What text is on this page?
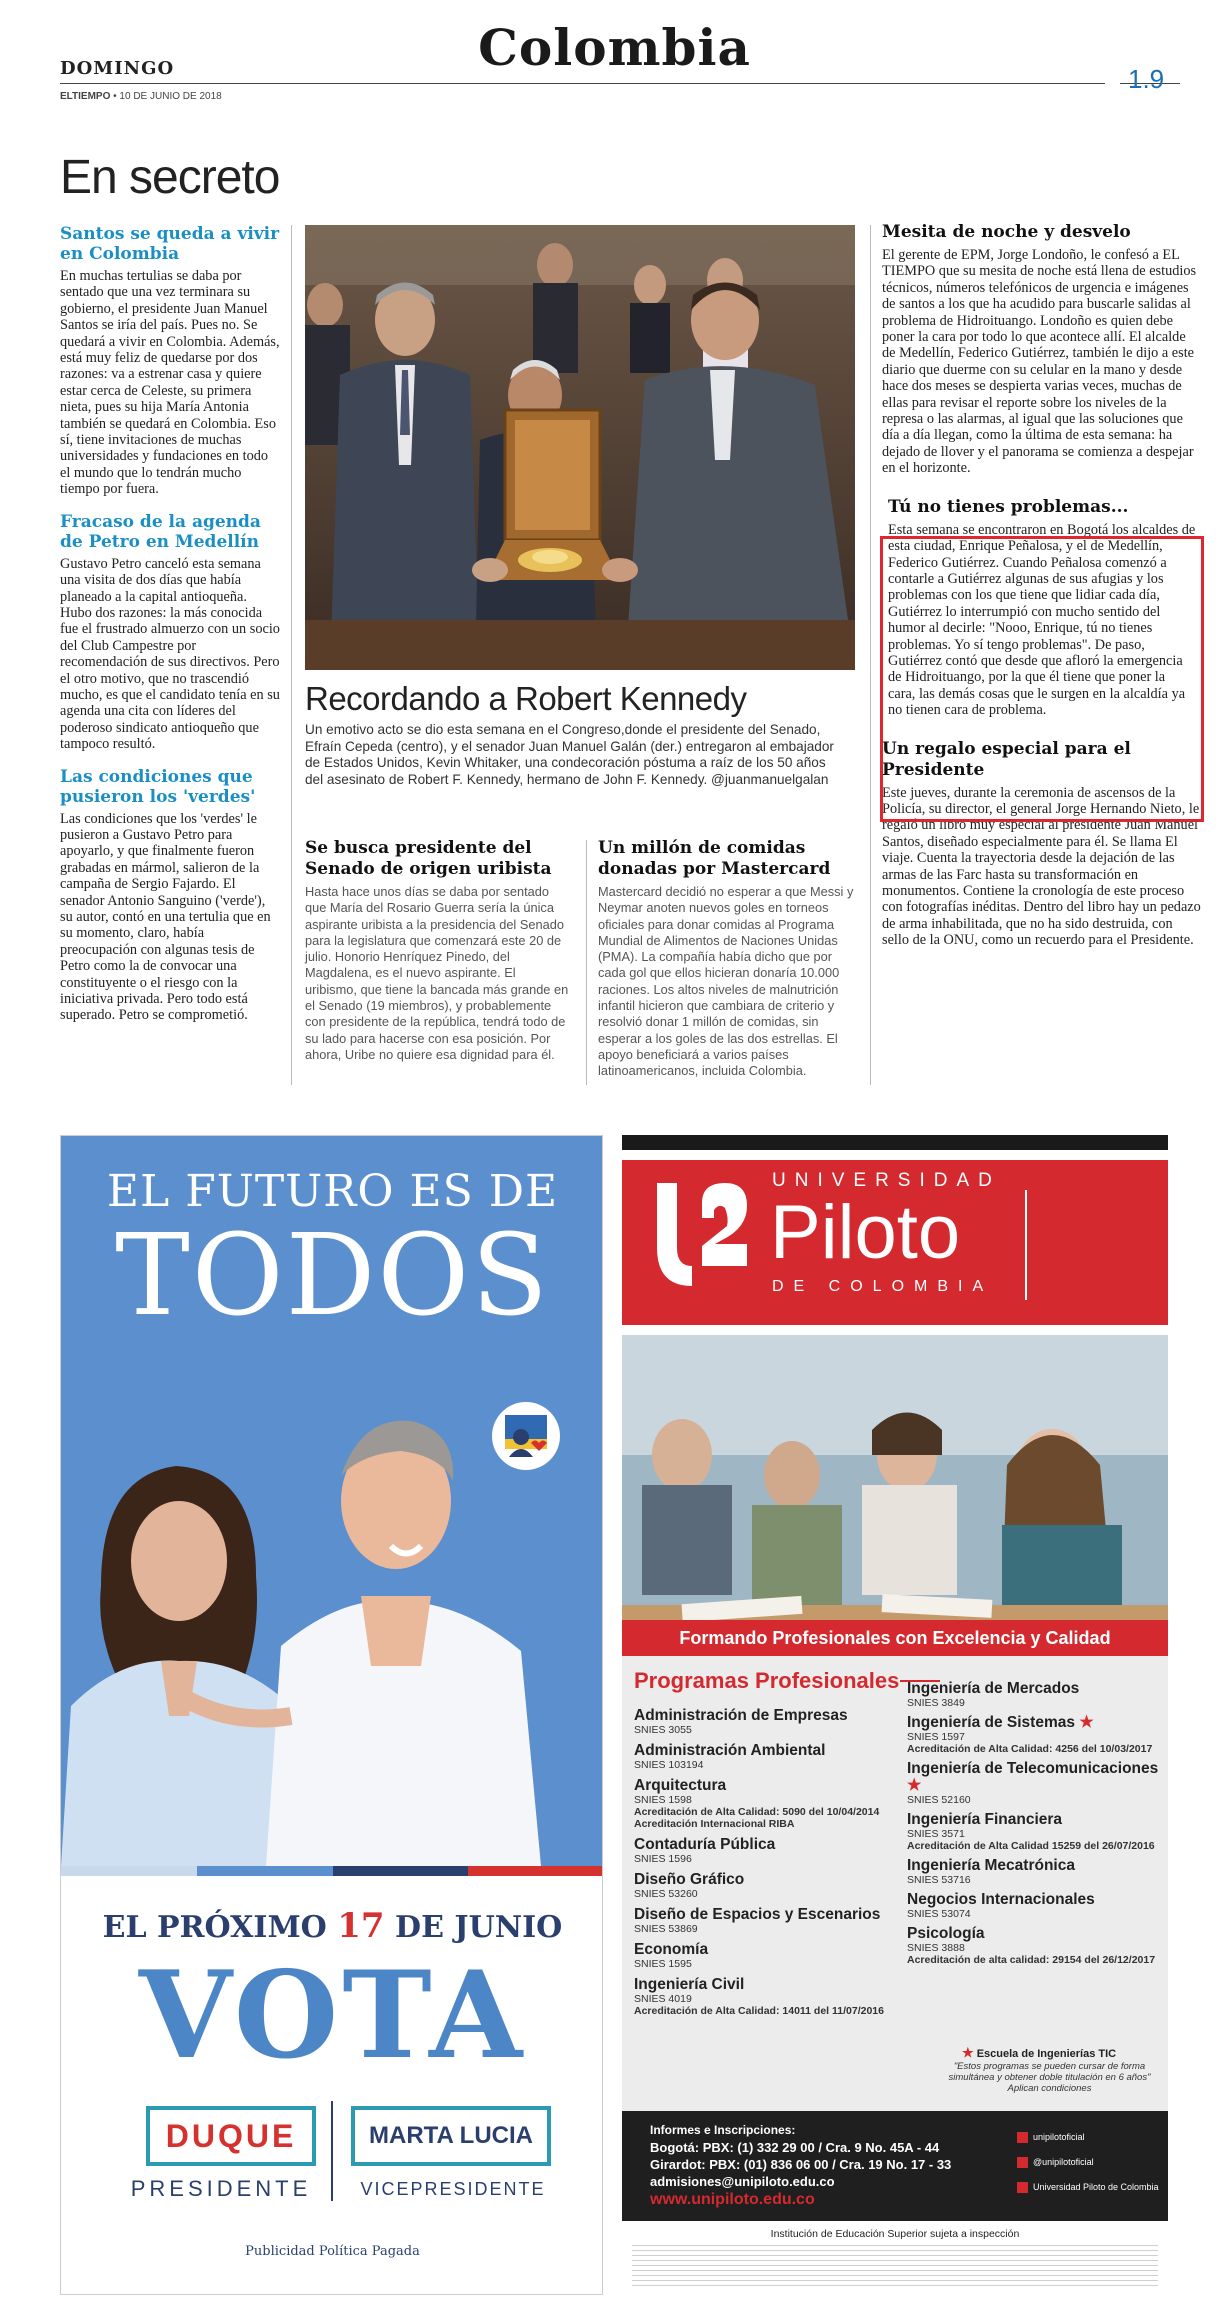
Colombia
DOMINGO
ELTIEMPO • 10 DE JUNIO DE 2018
1.9
En secreto
Santos se queda a vivir en Colombia

En muchas tertulias se daba por sentado que una vez terminara su gobierno, el presidente Juan Manuel Santos se iría del país. Pues no. Se quedará a vivir en Colombia. Además, está muy feliz de quedarse por dos razones: va a estrenar casa y quiere estar cerca de Celeste, su primera nieta, pues su hija María Antonia también se quedará en Colombia. Eso sí, tiene invitaciones de muchas universidades y fundaciones en todo el mundo que lo tendrán mucho tiempo por fuera.

Fracaso de la agenda de Petro en Medellín

Gustavo Petro canceló esta semana una visita de dos días que había planeado a la capital antioqueña. Hubo dos razones: la más conocida fue el frustrado almuerzo con un socio del Club Campestre por recomendación de sus directivos. Pero el otro motivo, que no trascendió mucho, es que el candidato tenía en su agenda una cita con líderes del poderoso sindicato antioqueño que tampoco resultó.

Las condiciones que pusieron los 'verdes'

Las condiciones que los 'verdes' le pusieron a Gustavo Petro para apoyarlo, y que finalmente fueron grabadas en mármol, salieron de la campaña de Sergio Fajardo. El senador Antonio Sanguino ('verde'), su autor, contó en una tertulia que en su momento, claro, había preocupación con algunas tesis de Petro como la de convocar una constituyente o el riesgo con la iniciativa privada. Pero todo está superado. Petro se comprometió.

Recordando a Robert Kennedy
Un emotivo acto se dio esta semana en el Congreso,donde el presidente del Senado, Efraín Cepeda (centro), y el senador Juan Manuel Galán (der.) entregaron al embajador de Estados Unidos, Kevin Whitaker, una condecoración póstuma a raíz de los 50 años del asesinato de Robert F. Kennedy, hermano de John F. Kennedy. @juanmanuelgalan
Se busca presidente del Senado de origen uribista

Hasta hace unos días se daba por sentado que María del Rosario Guerra sería la única aspirante uribista a la presidencia del Senado para la legislatura que comenzará este 20 de julio. Honorio Henríquez Pinedo, del Magdalena, es el nuevo aspirante. El uribismo, que tiene la bancada más grande en el Senado (19 miembros), y probablemente con presidente de la república, tendrá todo de su lado para hacerse con esa posición. Por ahora, Uribe no quiere esa dignidad para él.

Un millón de comidas donadas por Mastercard

Mastercard decidió no esperar a que Messi y Neymar anoten nuevos goles en torneos oficiales para donar comidas al Programa Mundial de Alimentos de Naciones Unidas (PMA). La compañía había dicho que por cada gol que ellos hicieran donaría 10.000 raciones. Los altos niveles de malnutrición infantil hicieron que cambiara de criterio y resolvió donar 1 millón de comidas, sin esperar a los goles de las dos estrellas. El apoyo beneficiará a varios países latinoamericanos, incluida Colombia.

Mesita de noche y desvelo

El gerente de EPM, Jorge Londoño, le confesó a EL TIEMPO que su mesita de noche está llena de estudios técnicos, números telefónicos de urgencia e imágenes de santos a los que ha acudido para buscarle salidas al problema de Hidroituango. Londoño es quien debe poner la cara por todo lo que acontece allí. El alcalde de Medellín, Federico Gutiérrez, también le dijo a este diario que duerme con su celular en la mano y desde hace dos meses se despierta varias veces, muchas de ellas para revisar el reporte sobre los niveles de la represa o las alarmas, al igual que las soluciones que día a día llegan, como la última de esta semana: ha dejado de llover y el panorama se comienza a despejar en el horizonte.

Tú no tienes problemas...

Esta semana se encontraron en Bogotá los alcaldes de esta ciudad, Enrique Peñalosa, y el de Medellín, Federico Gutiérrez. Cuando Peñalosa comenzó a contarle a Gutiérrez algunas de sus afugias y los problemas con los que tiene que lidiar cada día, Gutiérrez lo interrumpió con mucho sentido del humor al decirle: "Nooo, Enrique, tú no tienes problemas. Yo sí tengo problemas". De paso, Gutiérrez contó que desde que afloró la emergencia de Hidroituango, por la que él tiene que poner la cara, las demás cosas que le surgen en la alcaldía ya no tienen cara de problema.

Un regalo especial para el Presidente

Este jueves, durante la ceremonia de ascensos de la Policía, su director, el general Jorge Hernando Nieto, le regaló un libro muy especial al presidente Juan Manuel Santos, diseñado especialmente para él. Se llama El viaje. Cuenta la trayectoria desde la dejación de las armas de las Farc hasta su transformación en monumentos. Contiene la cronología de este proceso con fotografías inéditas. Dentro del libro hay un pedazo de arma inhabilitada, que no ha sido destruida, con sello de la ONU, como un recuerdo para el Presidente.

EL FUTURO ES DE
TODOS
EL PRÓXIMO 17 DE JUNIO
VOTA
DUQUE	MARTA LUCIA
PRESIDENTE	VICEPRESIDENTE
Publicidad Política Pagada
UNIVERSIDAD
Piloto
DE COLOMBIA
Formando Profesionales con Excelencia y Calidad
Programas Profesionales
Administración de Empresas
SNIES 3055
Administración Ambiental
SNIES 103194
Arquitectura
SNIES 1598
Acreditación de Alta Calidad: 5090 del 10/04/2014
Acreditación Internacional RIBA
Contaduría Pública
SNIES 1596
Diseño Gráfico
SNIES 53260
Diseño de Espacios y Escenarios
SNIES 53869
Economía
SNIES 1595
Ingeniería Civil
SNIES 4019
Acreditación de Alta Calidad: 14011 del 11/07/2016
Ingeniería de Mercados
SNIES 3849
Ingeniería de Sistemas ★
SNIES 1597
Acreditación de Alta Calidad: 4256 del 10/03/2017
Ingeniería de Telecomunicaciones ★
SNIES 52160
Ingeniería Financiera
SNIES 3571
Acreditación de Alta Calidad 15259 del 26/07/2016
Ingeniería Mecatrónica
SNIES 53716
Negocios Internacionales
SNIES 53074
Psicología
SNIES 3888
Acreditación de alta calidad: 29154 del 26/12/2017
★ Escuela de Ingenierías TIC
"Estos programas se pueden cursar de forma simultánea y obtener doble titulación en 6 años" Aplican condiciones
Informes e Inscripciones:
Bogotá: PBX: (1) 332 29 00 / Cra. 9 No. 45A - 44
Girardot: PBX: (01) 836 06 00 / Cra. 19 No. 17 - 33
admisiones@unipiloto.edu.co
www.unipiloto.edu.co
unipilotoficial
@unipilotoficial
Universidad Piloto de Colombia
Institución de Educación Superior sujeta a inspección
